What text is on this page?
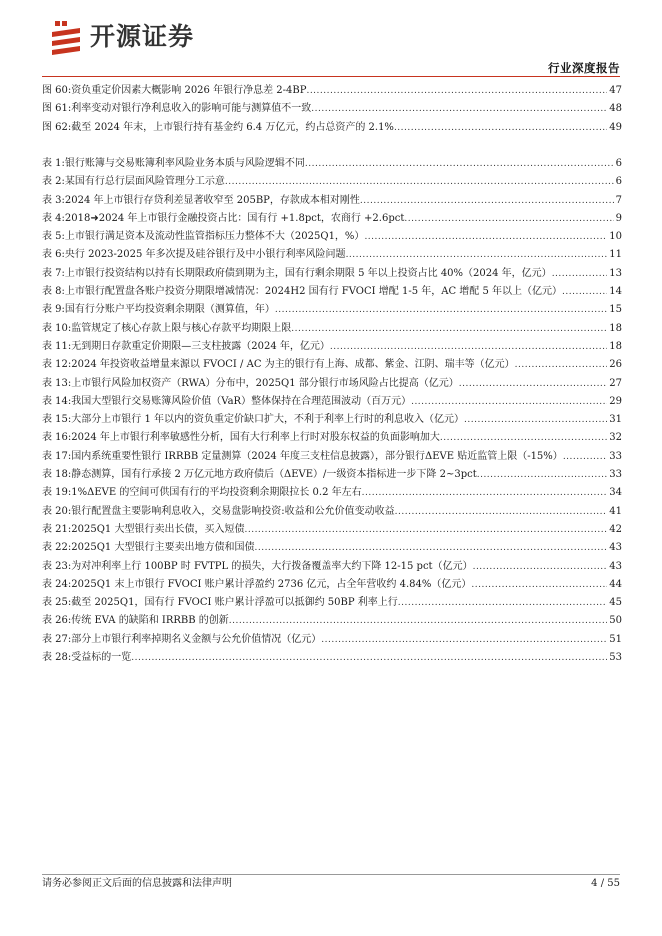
开源证券
行业深度报告
图 60: 资负重定价因素大概影响 2026 年银行净息差 2-4BP .....	47
图 61: 利率变动对银行净利息收入的影响可能与测算值不一致 .....	48
图 62: 截至 2024 年末，上市银行持有基金约 6.4 万亿元，约占总资产的 2.1% .....	49
表 1: 银行账簿与交易账簿利率风险业务本质与风险逻辑不同 .....	6
表 2: 某国有行总行层面风险管理分工示意 .....	6
表 3: 2024 年上市银行存贷利差显著收窄至 205BP，存款成本相对刚性 .....	7
表 4: 2018➜2024 年上市银行金融投资占比：国有行 +1.8pct，农商行 +2.6pct .....	9
表 5: 上市银行满足资本及流动性监管指标压力整体不大（2025Q1，%） .....	10
表 6: 央行 2023-2025 年多次提及硅谷银行及中小银行利率风险问题 .....	11
表 7: 上市银行投资结构以持有长期限政府债到期为主，国有行剩余期限 5 年以上投资占比 40%（2024 年，亿元） .....	13
表 8: 上市银行配置盘各账户投资分期限增减情况：2024H2 国有行 FVOCI 增配 1-5 年，AC 增配 5 年以上（亿元） .....	14
表 9: 国有行分账户平均投资剩余期限（测算值，年） .....	15
表 10: 监管规定了核心存款上限与核心存款平均期限上限 .....	18
表 11: 无到期日存款重定价期限—三支柱披露（2024 年，亿元） .....	18
表 12: 2024 年投资收益增量来源以 FVOCI / AC 为主的银行有上海、成都、紫金、江阴、瑞丰等（亿元） .....	26
表 13: 上市银行风险加权资产（RWA）分布中，2025Q1 部分银行市场风险占比提高（亿元） .....	27
表 14: 我国大型银行交易账簿风险价值（VaR）整体保持在合理范围波动（百万元） .....	29
表 15: 大部分上市银行 1 年以内的资负重定价缺口扩大，不利于利率上行时的利息收入（亿元） .....	31
表 16: 2024 年上市银行利率敏感性分析，国有大行利率上行时对股东权益的负面影响加大 .....	32
表 17: 国内系统重要性银行 IRRBB 定量测算（2024 年度三支柱信息披露），部分银行ΔEVE 贴近监管上限（-15%） .....	33
表 18: 静态测算，国有行承接 2 万亿元地方政府债后（ΔEVE）/一级资本指标进一步下降 2~3pct .....	33
表 19: 1%ΔEVE 的空间可供国有行的平均投资剩余期限拉长 0.2 年左右 .....	34
表 20: 银行配置盘主要影响利息收入，交易盘影响投资:收益和公允价值变动收益 .....	41
表 21: 2025Q1 大型银行卖出长债，买入短债 .....	42
表 22: 2025Q1 大型银行主要卖出地方债和国债 .....	43
表 23: 为对冲利率上行 100BP 时 FVTPL 的损失，大行拨备覆盖率大约下降 12-15 pct（亿元） .....	43
表 24: 2025Q1 末上市银行 FVOCI 账户累计浮盈约 2736 亿元，占全年营收约 4.84%（亿元） .....	44
表 25: 截至 2025Q1，国有行 FVOCI 账户累计浮盈可以抵御约 50BP 利率上行 .....	45
表 26: 传统 EVA 的缺陷和 IRRBB 的创新 .....	50
表 27: 部分上市银行利率掉期名义金额与公允价值情况（亿元） .....	51
表 28: 受益标的一览 .....	53
请务必参阅正文后面的信息披露和法律声明	4 / 55
